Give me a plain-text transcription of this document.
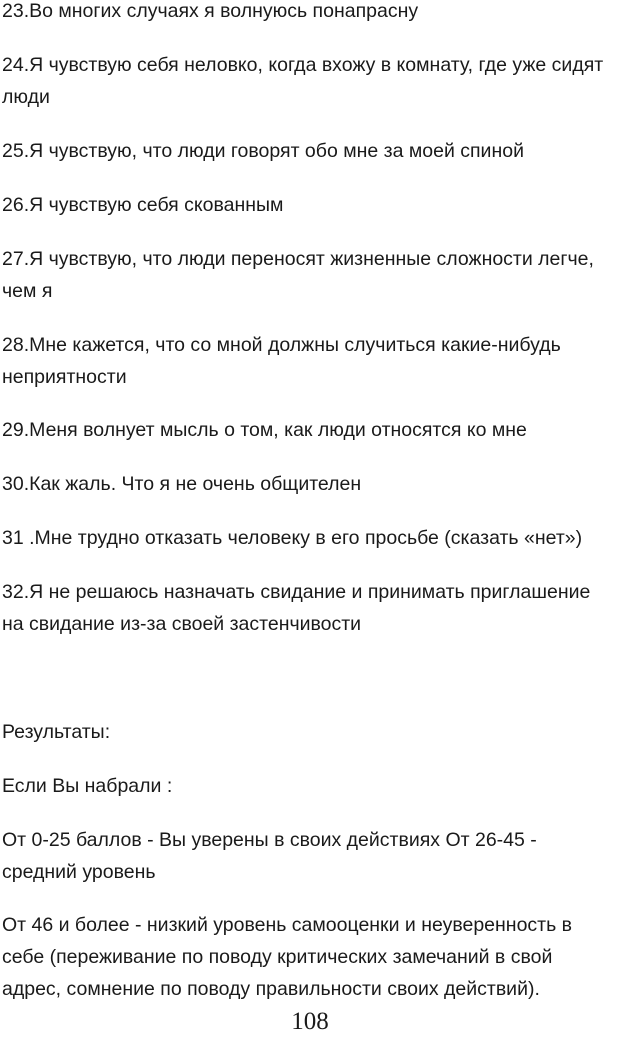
23.Во многих случаях я волнуюсь понапрасну

24.Я чувствую себя неловко, когда вхожу в комнату, где уже сидят люди

25.Я чувствую, что люди говорят обо мне за моей спиной

26.Я чувствую себя скованным

27.Я чувствую, что люди переносят жизненные сложности легче, чем я

28.Мне кажется, что со мной должны случиться какие-нибудь неприятности

29.Меня волнует мысль о том, как люди относятся ко мне

30.Как жаль. Что я не очень общителен

31 .Мне трудно отказать человеку в его просьбе (сказать «нет»)

32.Я не решаюсь назначать свидание и принимать приглашение на свидание из-за своей застенчивости

Результаты:

Если Вы набрали :

От 0-25 баллов - Вы уверены в своих действиях От 26-45 - средний уровень

От 46 и более - низкий уровень самооценки и неуверенность в себе (переживание по поводу критических замечаний в свой адрес, сомнение по поводу правильности своих действий).

108
